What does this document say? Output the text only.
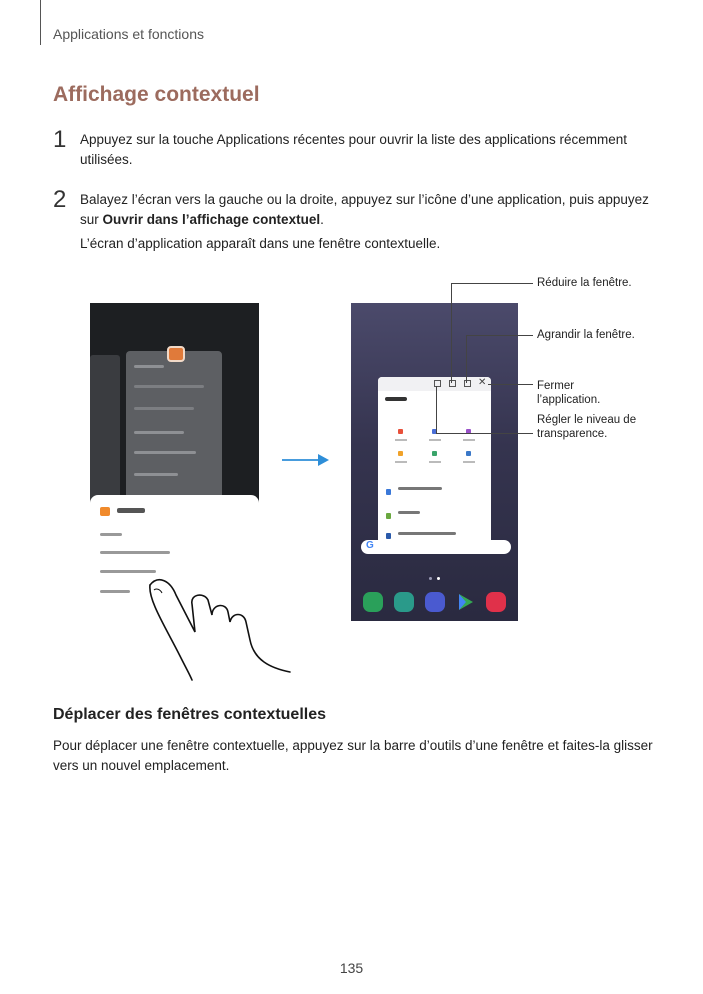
Applications et fonctions
Affichage contextuel
1 Appuyez sur la touche Applications récentes pour ouvrir la liste des applications récemment utilisées.
2 Balayez l’écran vers la gauche ou la droite, appuyez sur l’icône d’une application, puis appuyez sur Ouvrir dans l’affichage contextuel.
L’écran d’application apparaît dans une fenêtre contextuelle.
✕
G
Réduire la fenêtre.
Agrandir la fenêtre.
Fermer
l’application.
Régler le niveau de
transparence.
Déplacer des fenêtres contextuelles
Pour déplacer une fenêtre contextuelle, appuyez sur la barre d’outils d’une fenêtre et faites-la glisser vers un nouvel emplacement.
135
